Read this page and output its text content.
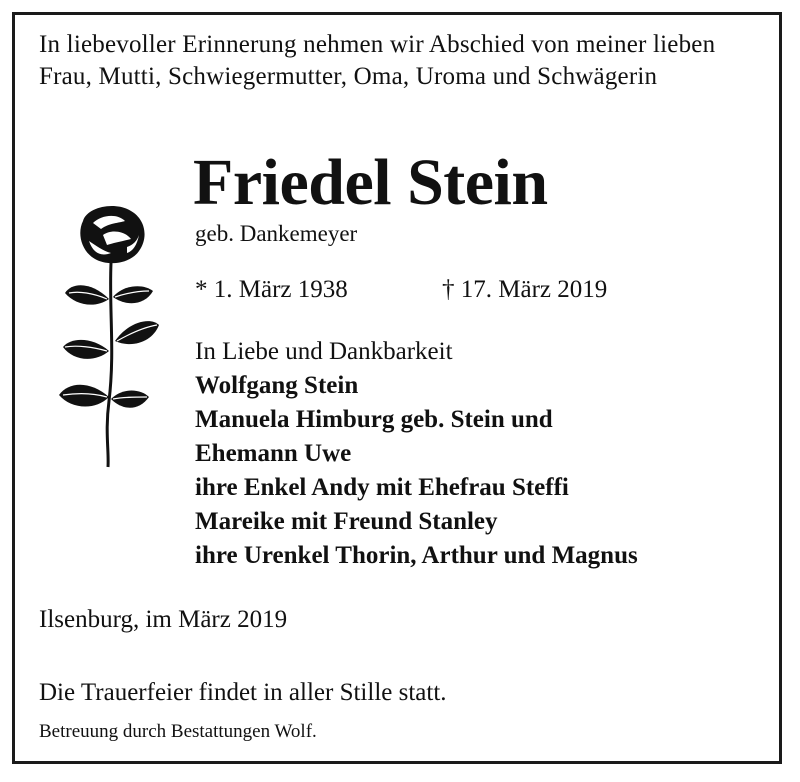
In liebevoller Erinnerung nehmen wir Abschied von meiner lieben Frau, Mutti, Schwiegermutter, Oma, Uroma und Schwägerin
Friedel Stein
geb. Dankemeyer
* 1. März 1938	† 17. März 2019
In Liebe und Dankbarkeit
Wolfgang Stein
Manuela Himburg geb. Stein und
Ehemann Uwe
ihre Enkel Andy mit Ehefrau Steffi
Mareike mit Freund Stanley
ihre Urenkel Thorin, Arthur und Magnus
Ilsenburg, im März 2019
Die Trauerfeier findet in aller Stille statt.
Betreuung durch Bestattungen Wolf.
